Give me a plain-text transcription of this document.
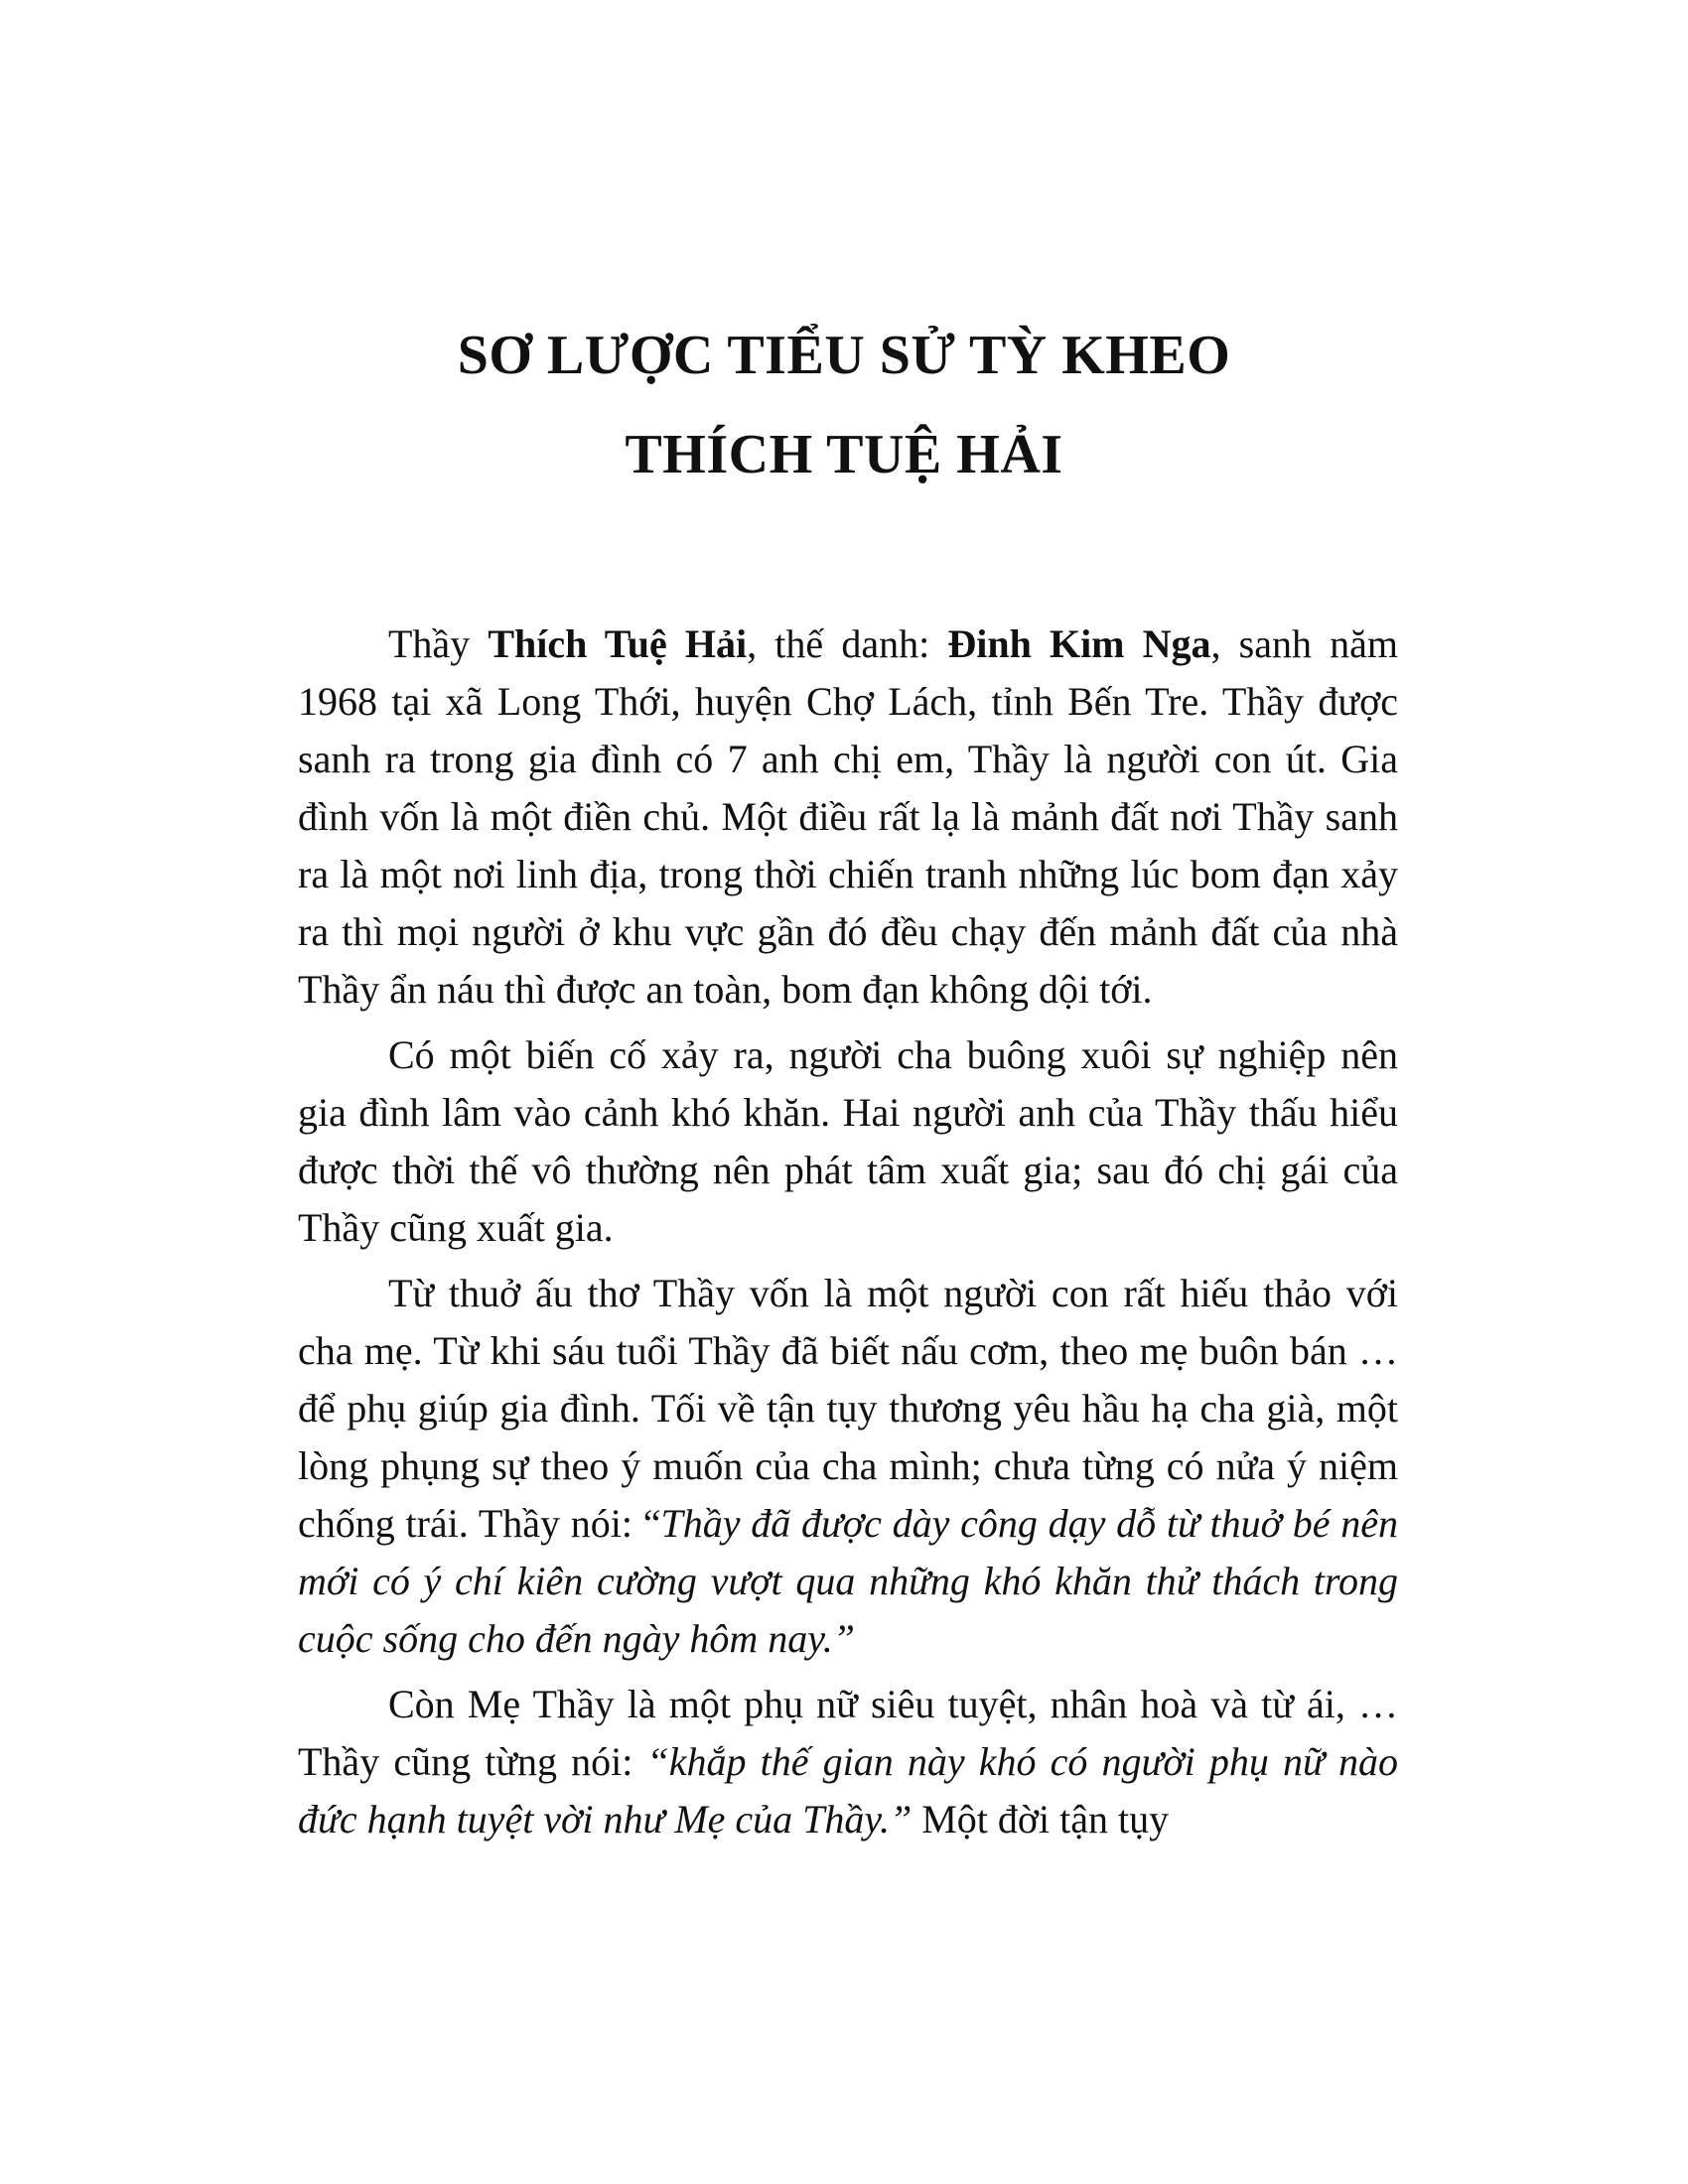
SƠ LƯỢC TIỂU SỬ TỲ KHEO
THÍCH TUỆ HẢI

Thầy Thích Tuệ Hải, thế danh: Đinh Kim Nga, sanh năm 1968 tại xã Long Thới, huyện Chợ Lách, tỉnh Bến Tre. Thầy được sanh ra trong gia đình có 7 anh chị em, Thầy là người con út. Gia đình vốn là một điền chủ. Một điều rất lạ là mảnh đất nơi Thầy sanh ra là một nơi linh địa, trong thời chiến tranh những lúc bom đạn xảy ra thì mọi người ở khu vực gần đó đều chạy đến mảnh đất của nhà Thầy ẩn náu thì được an toàn, bom đạn không dội tới.

Có một biến cố xảy ra, người cha buông xuôi sự nghiệp nên gia đình lâm vào cảnh khó khăn. Hai người anh của Thầy thấu hiểu được thời thế vô thường nên phát tâm xuất gia; sau đó chị gái của Thầy cũng xuất gia.

Từ thuở ấu thơ Thầy vốn là một người con rất hiếu thảo với cha mẹ. Từ khi sáu tuổi Thầy đã biết nấu cơm, theo mẹ buôn bán … để phụ giúp gia đình. Tối về tận tụy thương yêu hầu hạ cha già, một lòng phụng sự theo ý muốn của cha mình; chưa từng có nửa ý niệm chống trái. Thầy nói: “Thầy đã được dày công dạy dỗ từ thuở bé nên mới có ý chí kiên cường vượt qua những khó khăn thử thách trong cuộc sống cho đến ngày hôm nay.”

Còn Mẹ Thầy là một phụ nữ siêu tuyệt, nhân hoà và từ ái, … Thầy cũng từng nói: “khắp thế gian này khó có người phụ nữ nào đức hạnh tuyệt vời như Mẹ của Thầy.” Một đời tận tụy
